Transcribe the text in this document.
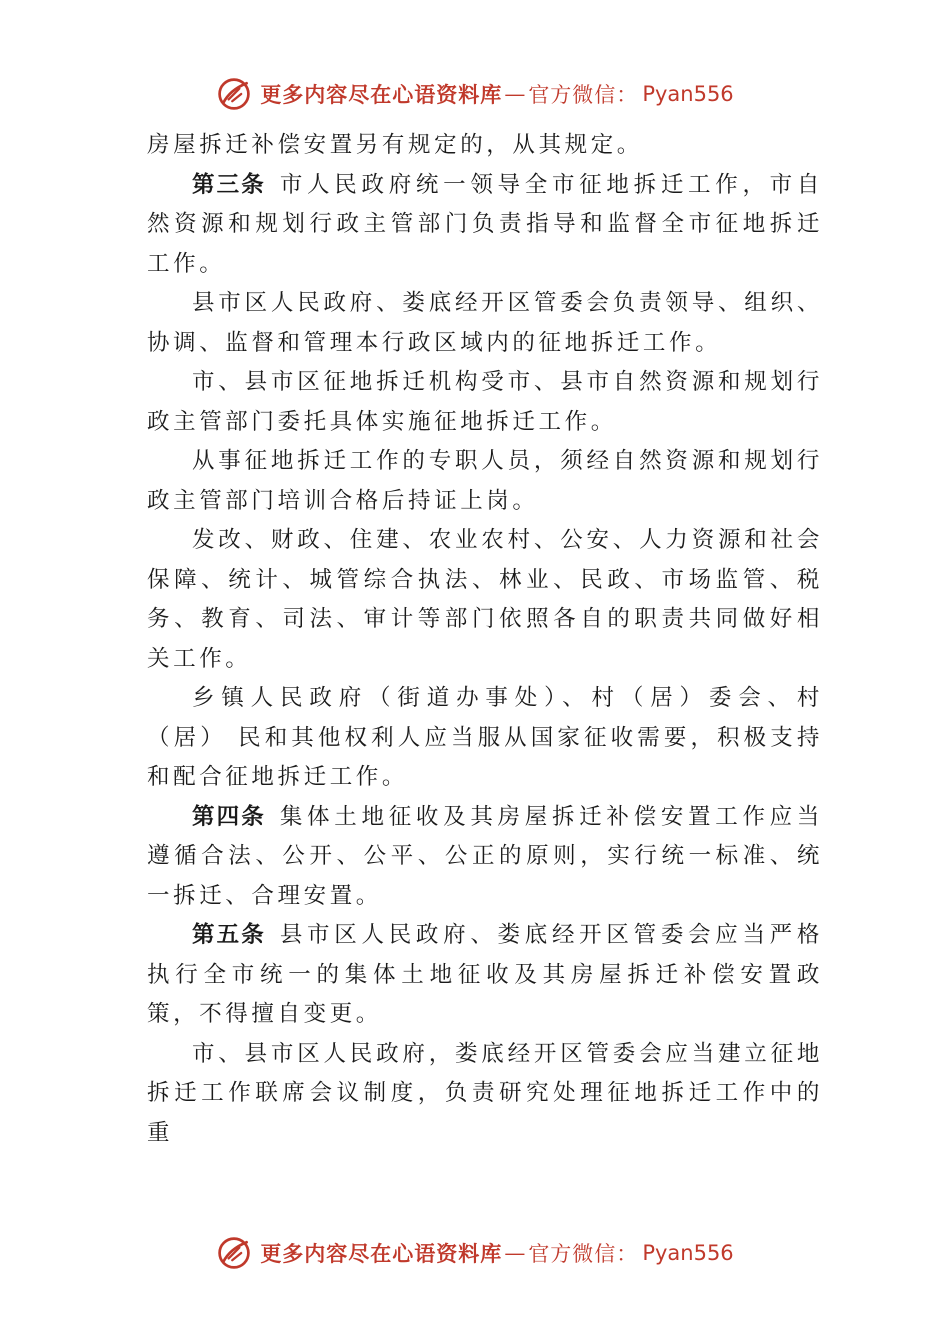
更多内容尽在心语资料库 — 官方微信： Pyan556

房屋拆迁补偿安置另有规定的，从其规定。

第三条 市人民政府统一领导全市征地拆迁工作，市自然资源和规划行政主管部门负责指导和监督全市征地拆迁工作。

县市区人民政府、娄底经开区管委会负责领导、组织、协调、监督和管理本行政区域内的征地拆迁工作。

市、县市区征地拆迁机构受市、县市自然资源和规划行政主管部门委托具体实施征地拆迁工作。

从事征地拆迁工作的专职人员，须经自然资源和规划行政主管部门培训合格后持证上岗。

发改、财政、住建、农业农村、公安、人力资源和社会保障、统计、城管综合执法、林业、民政、市场监管、税务、教育、司法、审计等部门依照各自的职责共同做好相关工作。

乡镇人民政府（街道办事处）、村（居）委会、村（居） 民和其他权利人应当服从国家征收需要，积极支持和配合征地拆迁工作。

第四条 集体土地征收及其房屋拆迁补偿安置工作应当遵循合法、公开、公平、公正的原则，实行统一标准、统一拆迁、合理安置。

第五条 县市区人民政府、娄底经开区管委会应当严格执行全市统一的集体土地征收及其房屋拆迁补偿安置政策，不得擅自变更。

市、县市区人民政府，娄底经开区管委会应当建立征地拆迁工作联席会议制度，负责研究处理征地拆迁工作中的重

更多内容尽在心语资料库 — 官方微信： Pyan556
